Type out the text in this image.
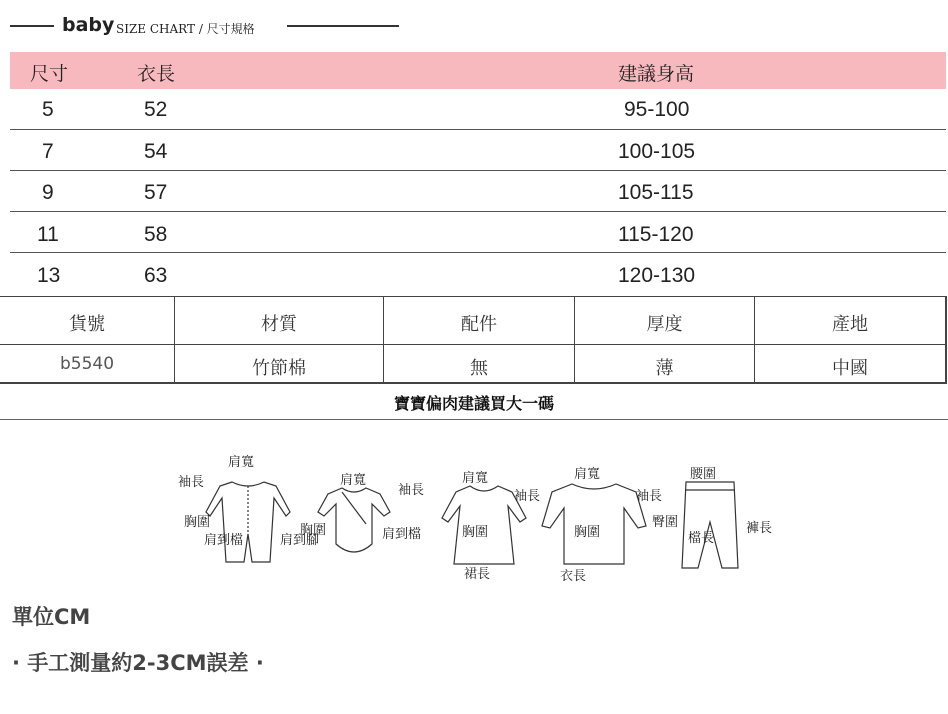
baby SIZE CHART / 尺寸規格
尺寸	衣長	建議身高
5	52	95-100
7	54	100-105
9	57	105-115
11	58	115-120
13	63	120-130
貨號	材質	配件	厚度	產地
b5540	竹節棉	無	薄	中國
寶寶偏肉建議買大一碼
肩寬
袖長
胸圍
肩到檔	肩到腳
肩寬
袖長
胸圍	肩到檔
肩寬
袖長
胸圍
裙長
肩寬
袖長
胸圍
衣長
腰圍
臀圍
檔長
褲長
單位CM
· 手工測量約2-3CM誤差 ·
